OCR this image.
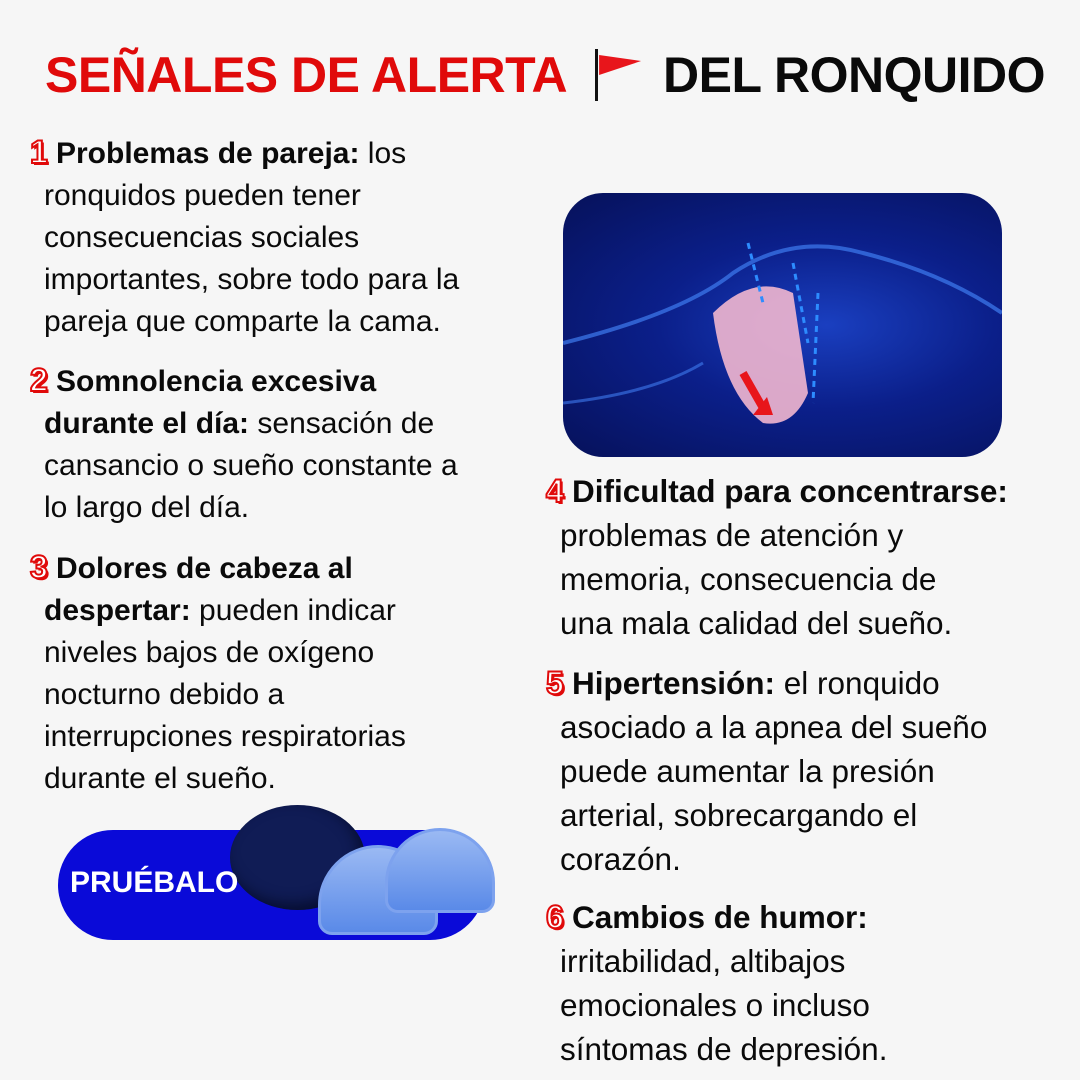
SEÑALES DE ALERTA DEL RONQUIDO
1 Problemas de pareja: los
ronquidos pueden tener
consecuencias sociales
importantes, sobre todo para la
pareja que comparte la cama.
2 Somnolencia excesiva
durante el día: sensación de
cansancio o sueño constante a
lo largo del día.
3 Dolores de cabeza al
despertar: pueden indicar
niveles bajos de oxígeno
nocturno debido a
interrupciones respiratorias
durante el sueño.
4 Dificultad para concentrarse:
problemas de atención y
memoria, consecuencia de
una mala calidad del sueño.
5 Hipertensión: el ronquido
asociado a la apnea del sueño
puede aumentar la presión
arterial, sobrecargando el
corazón.
6 Cambios de humor:
irritabilidad, altibajos
emocionales o incluso
síntomas de depresión.
PRUÉBALO
